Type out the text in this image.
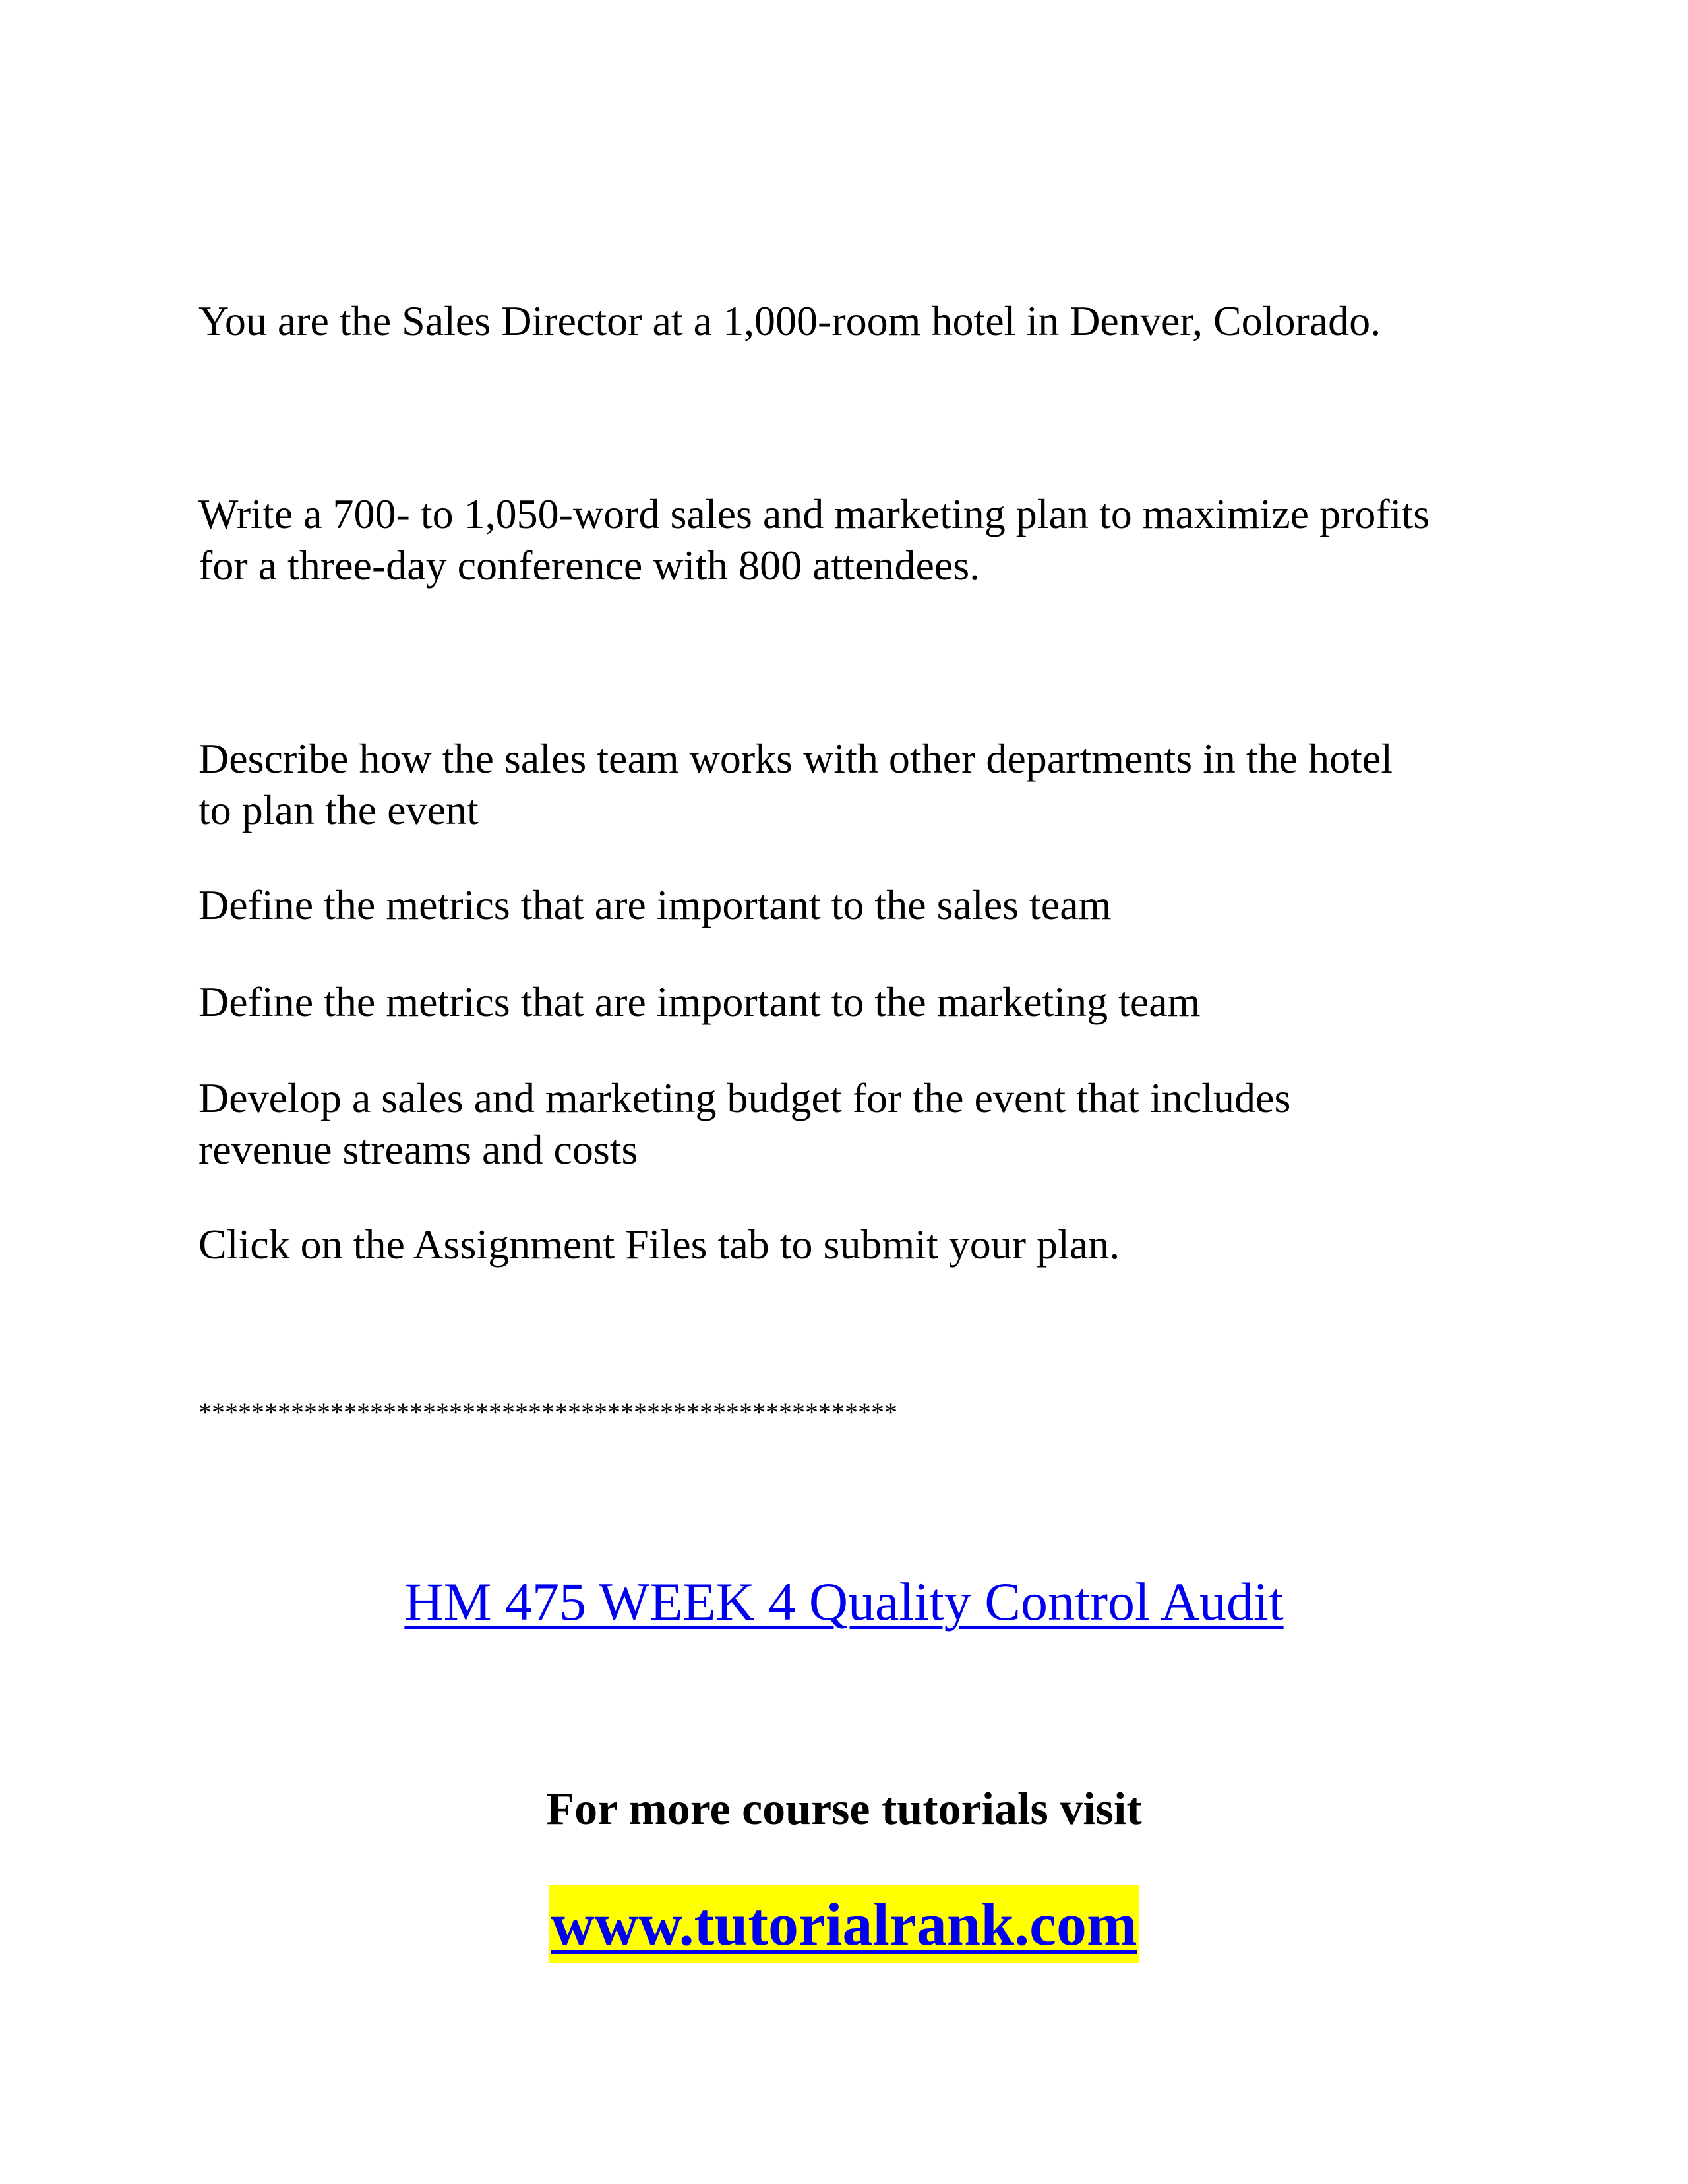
You are the Sales Director at a 1,000-room hotel in Denver, Colorado.

Write a 700- to 1,050-word sales and marketing plan to maximize profits
for a three-day conference with 800 attendees.

Describe how the sales team works with other departments in the hotel
to plan the event

Define the metrics that are important to the sales team

Define the metrics that are important to the marketing team

Develop a sales and marketing budget for the event that includes
revenue streams and costs

Click on the Assignment Files tab to submit your plan.

*****************************************************

HM 475 WEEK 4 Quality Control Audit

For more course tutorials visit

www.tutorialrank.com
